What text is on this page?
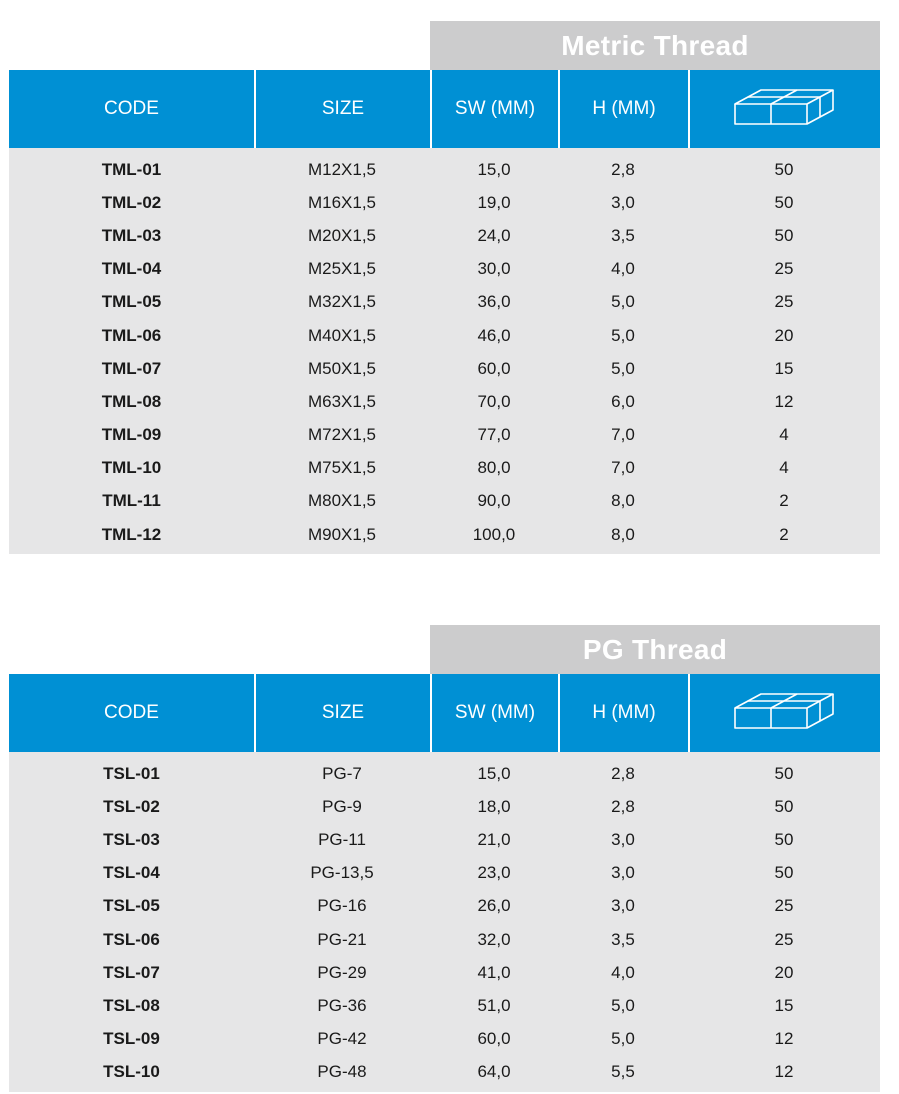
Metric Thread
CODE	SIZE	SW (MM)	H (MM)
TML-01	M12X1,5	15,0	2,8	50
TML-02	M16X1,5	19,0	3,0	50
TML-03	M20X1,5	24,0	3,5	50
TML-04	M25X1,5	30,0	4,0	25
TML-05	M32X1,5	36,0	5,0	25
TML-06	M40X1,5	46,0	5,0	20
TML-07	M50X1,5	60,0	5,0	15
TML-08	M63X1,5	70,0	6,0	12
TML-09	M72X1,5	77,0	7,0	4
TML-10	M75X1,5	80,0	7,0	4
TML-11	M80X1,5	90,0	8,0	2
TML-12	M90X1,5	100,0	8,0	2
PG Thread
CODE	SIZE	SW (MM)	H (MM)
TSL-01	PG-7	15,0	2,8	50
TSL-02	PG-9	18,0	2,8	50
TSL-03	PG-11	21,0	3,0	50
TSL-04	PG-13,5	23,0	3,0	50
TSL-05	PG-16	26,0	3,0	25
TSL-06	PG-21	32,0	3,5	25
TSL-07	PG-29	41,0	4,0	20
TSL-08	PG-36	51,0	5,0	15
TSL-09	PG-42	60,0	5,0	12
TSL-10	PG-48	64,0	5,5	12
